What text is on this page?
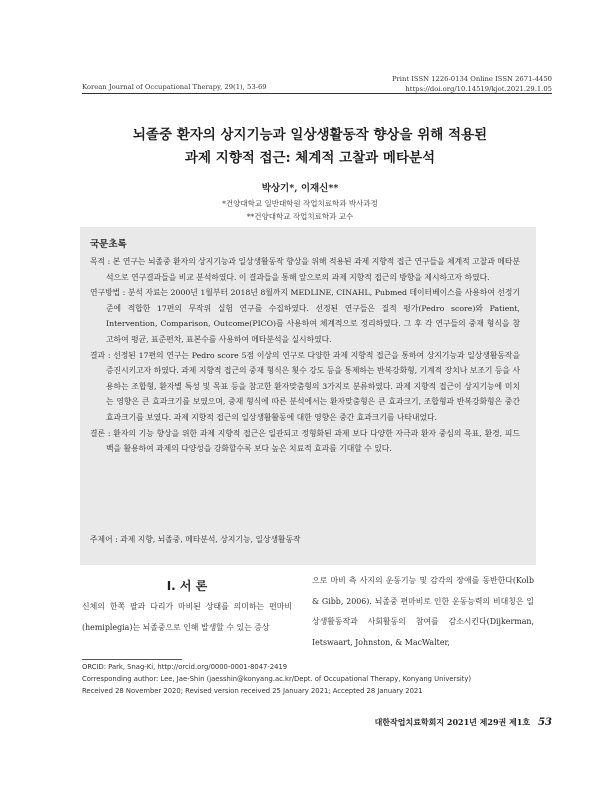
Korean Journal of Occupational Therapy, 29(1), 53-69
Print ISSN 1226-0134 Online ISSN 2671-4450
https://doi.org/10.14519/kjot.2021.29.1.05
뇌졸중 환자의 상지기능과 일상생활동작 향상을 위해 적용된
과제 지향적 접근: 체계적 고찰과 메타분석
박상기*, 이재신**
*건양대학교 일반대학원 작업치료학과 박사과정
**건양대학교 작업치료학과 교수
국문초록

목적 : 본 연구는 뇌졸중 환자의 상지기능과 일상생활동작 향상을 위해 적용된 과제 지향적 접근 연구들을 체계적 고찰과 메타분석으로 연구결과들을 비교 분석하였다. 이 결과들을 통해 앞으로의 과제 지향적 접근의 방향을 제시하고자 하였다.

연구방법 : 분석 자료는 2000년 1월부터 2018년 8월까지 MEDLINE, CINAHL, Pubmed 데이터베이스를 사용하여 선정기준에 적합한 17편의 무작위 실험 연구를 수집하였다. 선정된 연구들은 질적 평가(Pedro score)와 Patient, Intervention, Comparison, Outcome(PICO)를 사용하여 체계적으로 정리하였다. 그 후 각 연구들의 중재 형식을 참고하여 평균, 표준편차, 표본수를 사용하여 메타분석을 실시하였다.

결과 : 선정된 17편의 연구는 Pedro score 5점 이상의 연구로 다양한 과제 지향적 접근을 통하여 상지기능과 일상생활동작을 증진시키고자 하였다. 과제 지향적 접근의 중재 형식은 횟수 강도 등을 통제하는 반복강화형, 기계적 장치나 보조기 등을 사용하는 조합형, 환자별 특성 및 목표 등을 참고한 환자맞춤형의 3가지로 분류하였다. 과제 지향적 접근이 상지기능에 미치는 영향은 큰 효과크기를 보였으며, 중재 형식에 따른 분석에서는 환자맞춤형은 큰 효과크기, 조합형과 반복강화형은 중간 효과크기를 보였다. 과제 지향적 접근의 일상생활활동에 대한 영향은 중간 효과크기를 나타내었다.

결론 : 환자의 기능 향상을 위한 과제 지향적 접근은 일관되고 정형화된 과제 보다 다양한 자극과 환자 중심의 목표, 환경, 피드백을 활용하여 과제의 다양성을 강화할수록 보다 높은 치료적 효과를 기대할 수 있다.

주제어 : 과제 지향, 뇌졸중, 메타분석, 상지기능, 일상생활동작
Ⅰ. 서 론
신체의 한쪽 팔과 다리가 마비된 상태를 의미하는 편마비(hemiplegia)는 뇌졸중으로 인해 발생할 수 있는 증상
으로 마비 측 사지의 운동기능 및 감각의 장애를 동반한다(Kolb & Gibb, 2006). 뇌졸중 편마비로 인한 운동능력의 비대칭은 일상생활동작과 사회활동의 참여를 감소시킨다(Dijkerman, Ietswaart, Johnston, & MacWalter,
ORCID: Park, Snag-Ki, http://orcid.org/0000-0001-8047-2419
Corresponding author: Lee, Jae-Shin (jaesshin@konyang.ac.kr/Dept. of Occupational Therapy, Konyang University)
Received 28 November 2020; Revised version received 25 January 2021; Accepted 28 January 2021
대한작업치료학회지 2021년 제29권 제1호 53
